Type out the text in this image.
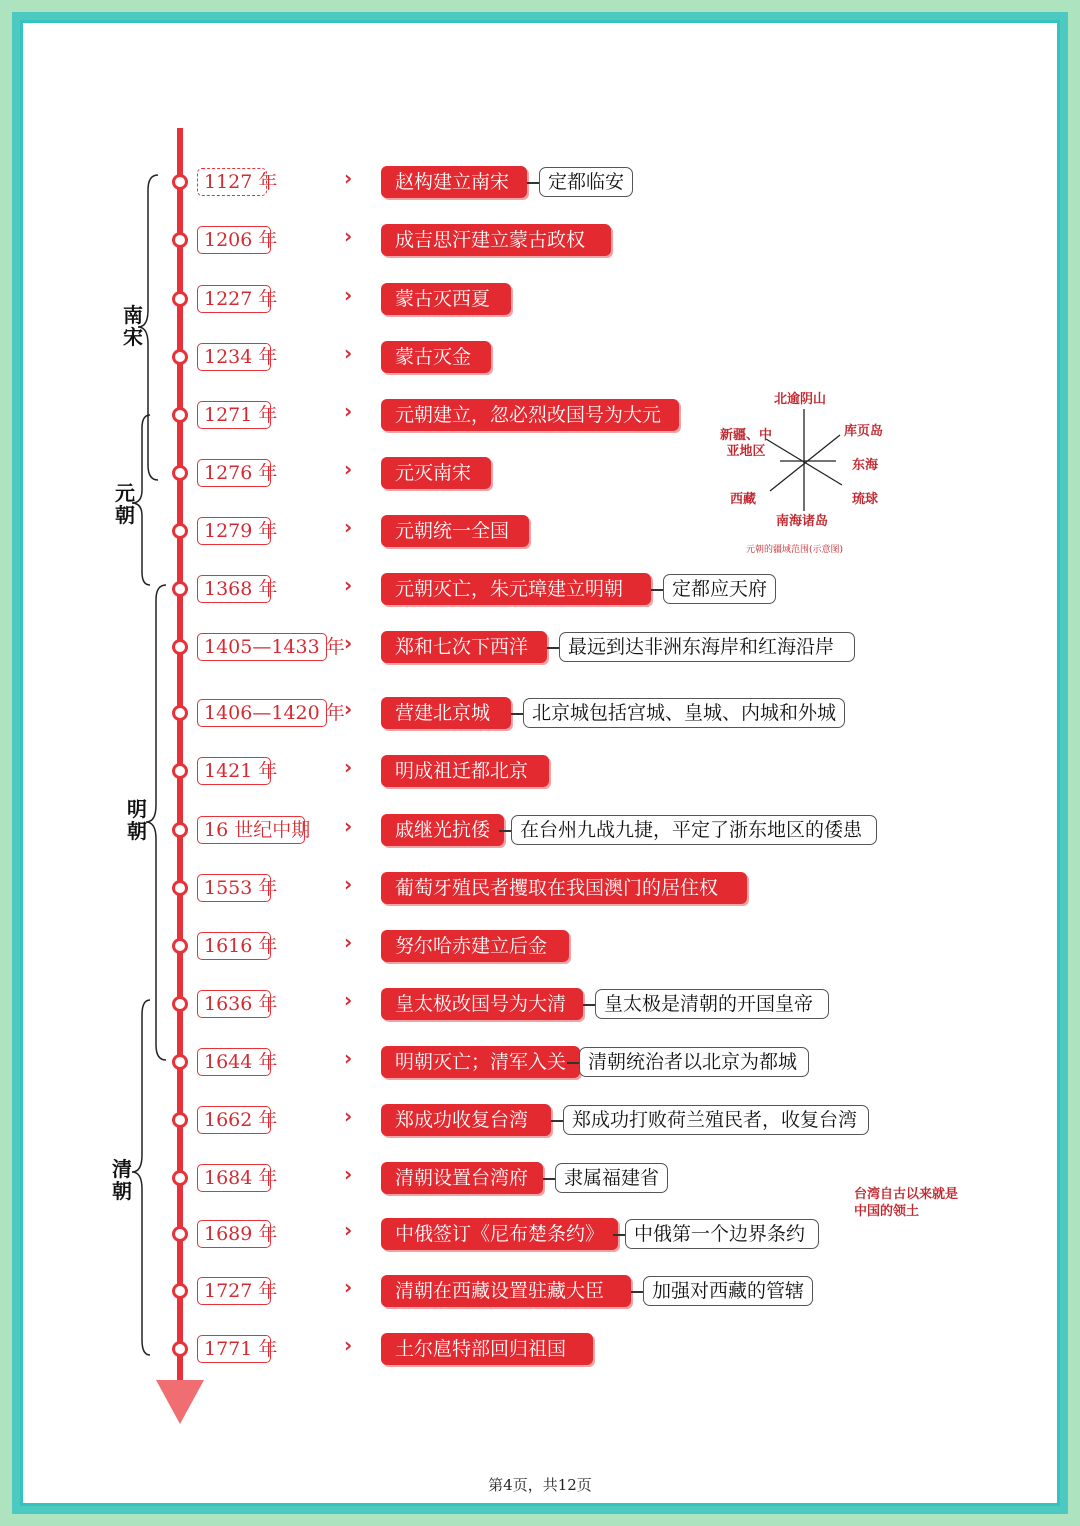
南
宋
元
朝
明
朝
清
朝
1127 年	›	赵构建立南宋	定都临安
1206 年	›	成吉思汗建立蒙古政权
1227 年	›	蒙古灭西夏
1234 年	›	蒙古灭金
1271 年	›	元朝建立，忽必烈改国号为大元
1276 年	›	元灭南宋
1279 年	›	元朝统一全国
1368 年	›	元朝灭亡，朱元璋建立明朝	定都应天府
1405—1433 年 ›	郑和七次下西洋	最远到达非洲东海岸和红海沿岸
1406—1420 年 ›	营建北京城	北京城包括宫城、皇城、内城和外城
1421 年	›	明成祖迁都北京
16 世纪中期 ›	戚继光抗倭	在台州九战九捷，平定了浙东地区的倭患
1553 年	›	葡萄牙殖民者攫取在我国澳门的居住权
1616 年	›	努尔哈赤建立后金
1636 年	›	皇太极改国号为大清	皇太极是清朝的开国皇帝
1644 年	›	明朝灭亡；清军入关	清朝统治者以北京为都城
1662 年	›	郑成功收复台湾	郑成功打败荷兰殖民者，收复台湾
1684 年	›	清朝设置台湾府	隶属福建省
1689 年	›	中俄签订《尼布楚条约》	中俄第一个边界条约
1727 年	›	清朝在西藏设置驻藏大臣	加强对西藏的管辖
1771 年	›	土尔扈特部回归祖国
北逾阴山
新疆、中亚地区
库页岛
东海
琉球
西藏
南海诸岛
元朝的疆域范围(示意图)
台湾自古以来就是中国的领土
第4页，共12页
